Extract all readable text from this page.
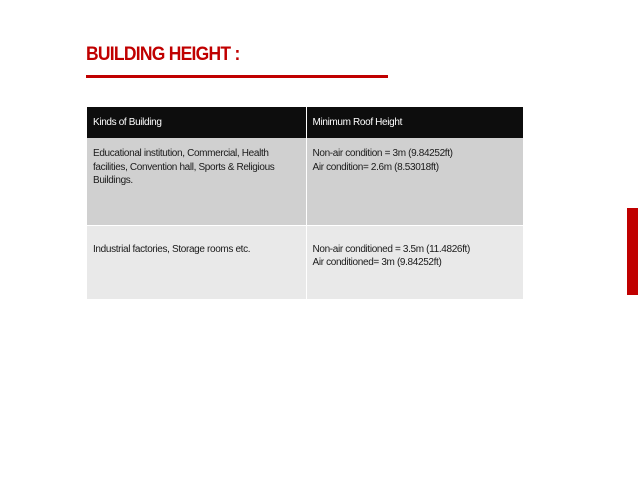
BUILDING HEIGHT :
Kinds of Building	Minimum Roof Height

Educational institution, Commercial, Health
facilities, Convention hall, Sports & Religious
Buildings.	Non-air condition = 3m (9.84252ft)
Air condition= 2.6m (8.53018ft)

Industrial factories, Storage rooms etc.	Non-air conditioned = 3.5m (11.4826ft)
Air conditioned= 3m (9.84252ft)
